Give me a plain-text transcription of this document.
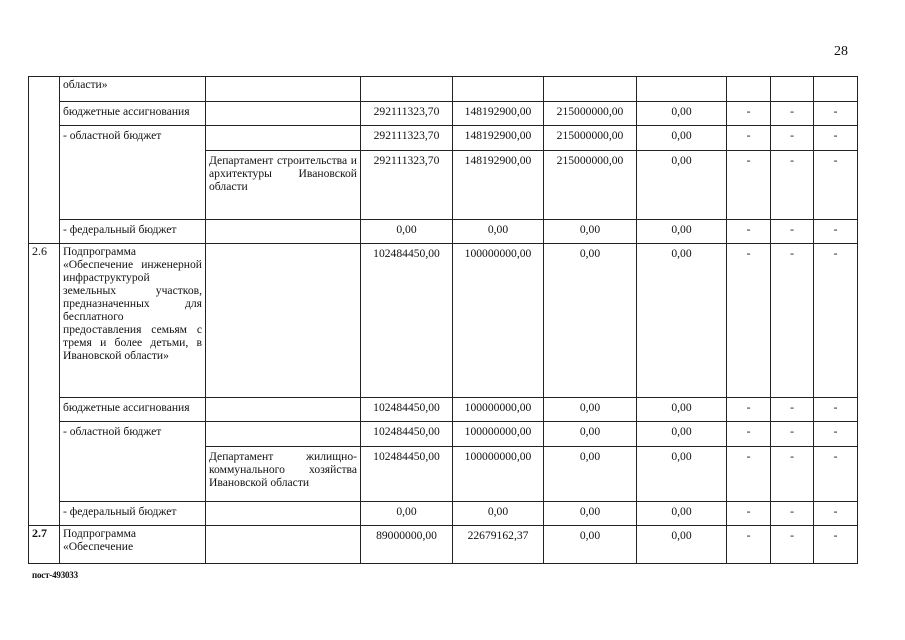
28
	области»								
	бюджетные ассигнования		292111323,70	148192900,00	215000000,00	0,00	-	-	-
	- областной бюджет		292111323,70	148192900,00	215000000,00	0,00	-	-	-
		Департамент строительства и архитектуры Ивановской области	292111323,70	148192900,00	215000000,00	0,00	-	-	-
	- федеральный бюджет		0,00	0,00	0,00	0,00	-	-	-
2.6	Подпрограмма «Обеспечение инженерной инфраструктурой земельных участков, предназначенных для бесплатного предоставления семьям с тремя и более детьми, в Ивановской области»		102484450,00	100000000,00	0,00	0,00	-	-	-
	бюджетные ассигнования		102484450,00	100000000,00	0,00	0,00	-	-	-
	- областной бюджет		102484450,00	100000000,00	0,00	0,00	-	-	-
		Департамент жилищно-коммунального хозяйства Ивановской области	102484450,00	100000000,00	0,00	0,00	-	-	-
	- федеральный бюджет		0,00	0,00	0,00	0,00	-	-	-
2.7	Подпрограмма «Обеспечение		89000000,00	22679162,37	0,00	0,00	-	-	-
пост-493033
